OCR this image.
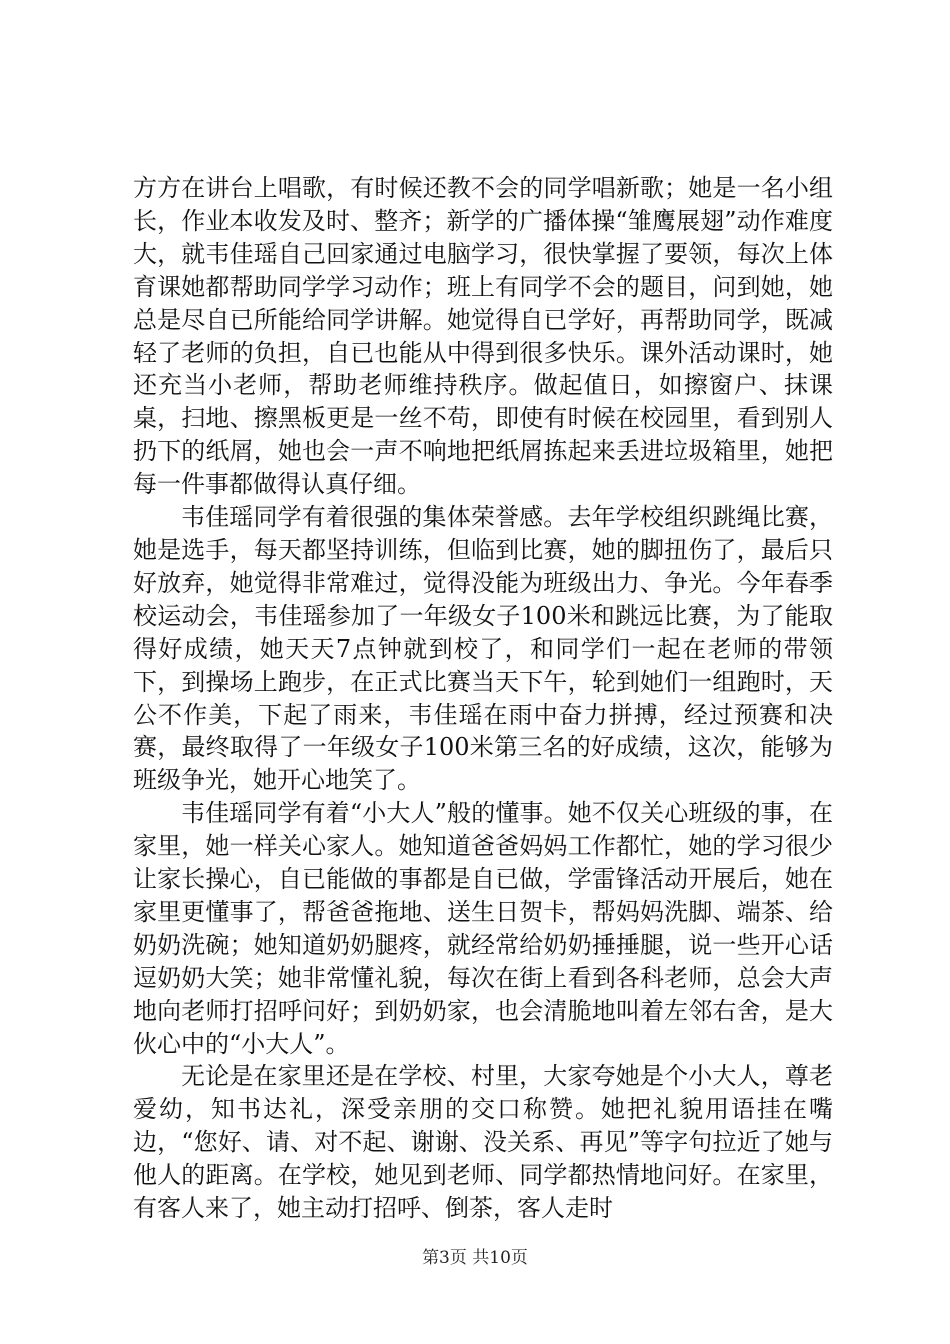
方方在讲台上唱歌，有时候还教不会的同学唱新歌；她是一名小组长，作业本收发及时、整齐；新学的广播体操“雏鹰展翅”动作难度大，就韦佳瑶自己回家通过电脑学习，很快掌握了要领，每次上体育课她都帮助同学学习动作；班上有同学不会的题目，问到她，她总是尽自已所能给同学讲解。她觉得自已学好，再帮助同学，既减轻了老师的负担，自已也能从中得到很多快乐。课外活动课时，她还充当小老师，帮助老师维持秩序。做起值日，如擦窗户、抹课桌，扫地、擦黑板更是一丝不苟，即使有时候在校园里，看到别人扔下的纸屑，她也会一声不响地把纸屑拣起来丢进垃圾箱里，她把每一件事都做得认真仔细。

韦佳瑶同学有着很强的集体荣誉感。去年学校组织跳绳比赛，她是选手，每天都坚持训练，但临到比赛，她的脚扭伤了，最后只好放弃，她觉得非常难过，觉得没能为班级出力、争光。今年春季校运动会，韦佳瑶参加了一年级女子100米和跳远比赛，为了能取得好成绩，她天天7点钟就到校了，和同学们一起在老师的带领下，到操场上跑步，在正式比赛当天下午，轮到她们一组跑时，天公不作美，下起了雨来，韦佳瑶在雨中奋力拼搏，经过预赛和决赛，最终取得了一年级女子100米第三名的好成绩，这次，能够为班级争光，她开心地笑了。

韦佳瑶同学有着“小大人”般的懂事。她不仅关心班级的事，在家里，她一样关心家人。她知道爸爸妈妈工作都忙，她的学习很少让家长操心，自已能做的事都是自已做，学雷锋活动开展后，她在家里更懂事了，帮爸爸拖地、送生日贺卡，帮妈妈洗脚、端茶、给奶奶洗碗；她知道奶奶腿疼，就经常给奶奶捶捶腿，说一些开心话逗奶奶大笑；她非常懂礼貌，每次在街上看到各科老师，总会大声地向老师打招呼问好；到奶奶家，也会清脆地叫着左邻右舍，是大伙心中的“小大人”。

无论是在家里还是在学校、村里，大家夸她是个小大人，尊老爱幼，知书达礼，深受亲朋的交口称赞。她把礼貌用语挂在嘴边，“您好、请、对不起、谢谢、没关系、再见”等字句拉近了她与他人的距离。在学校，她见到老师、同学都热情地问好。在家里，有客人来了，她主动打招呼、倒茶，客人走时

第3页 共10页
